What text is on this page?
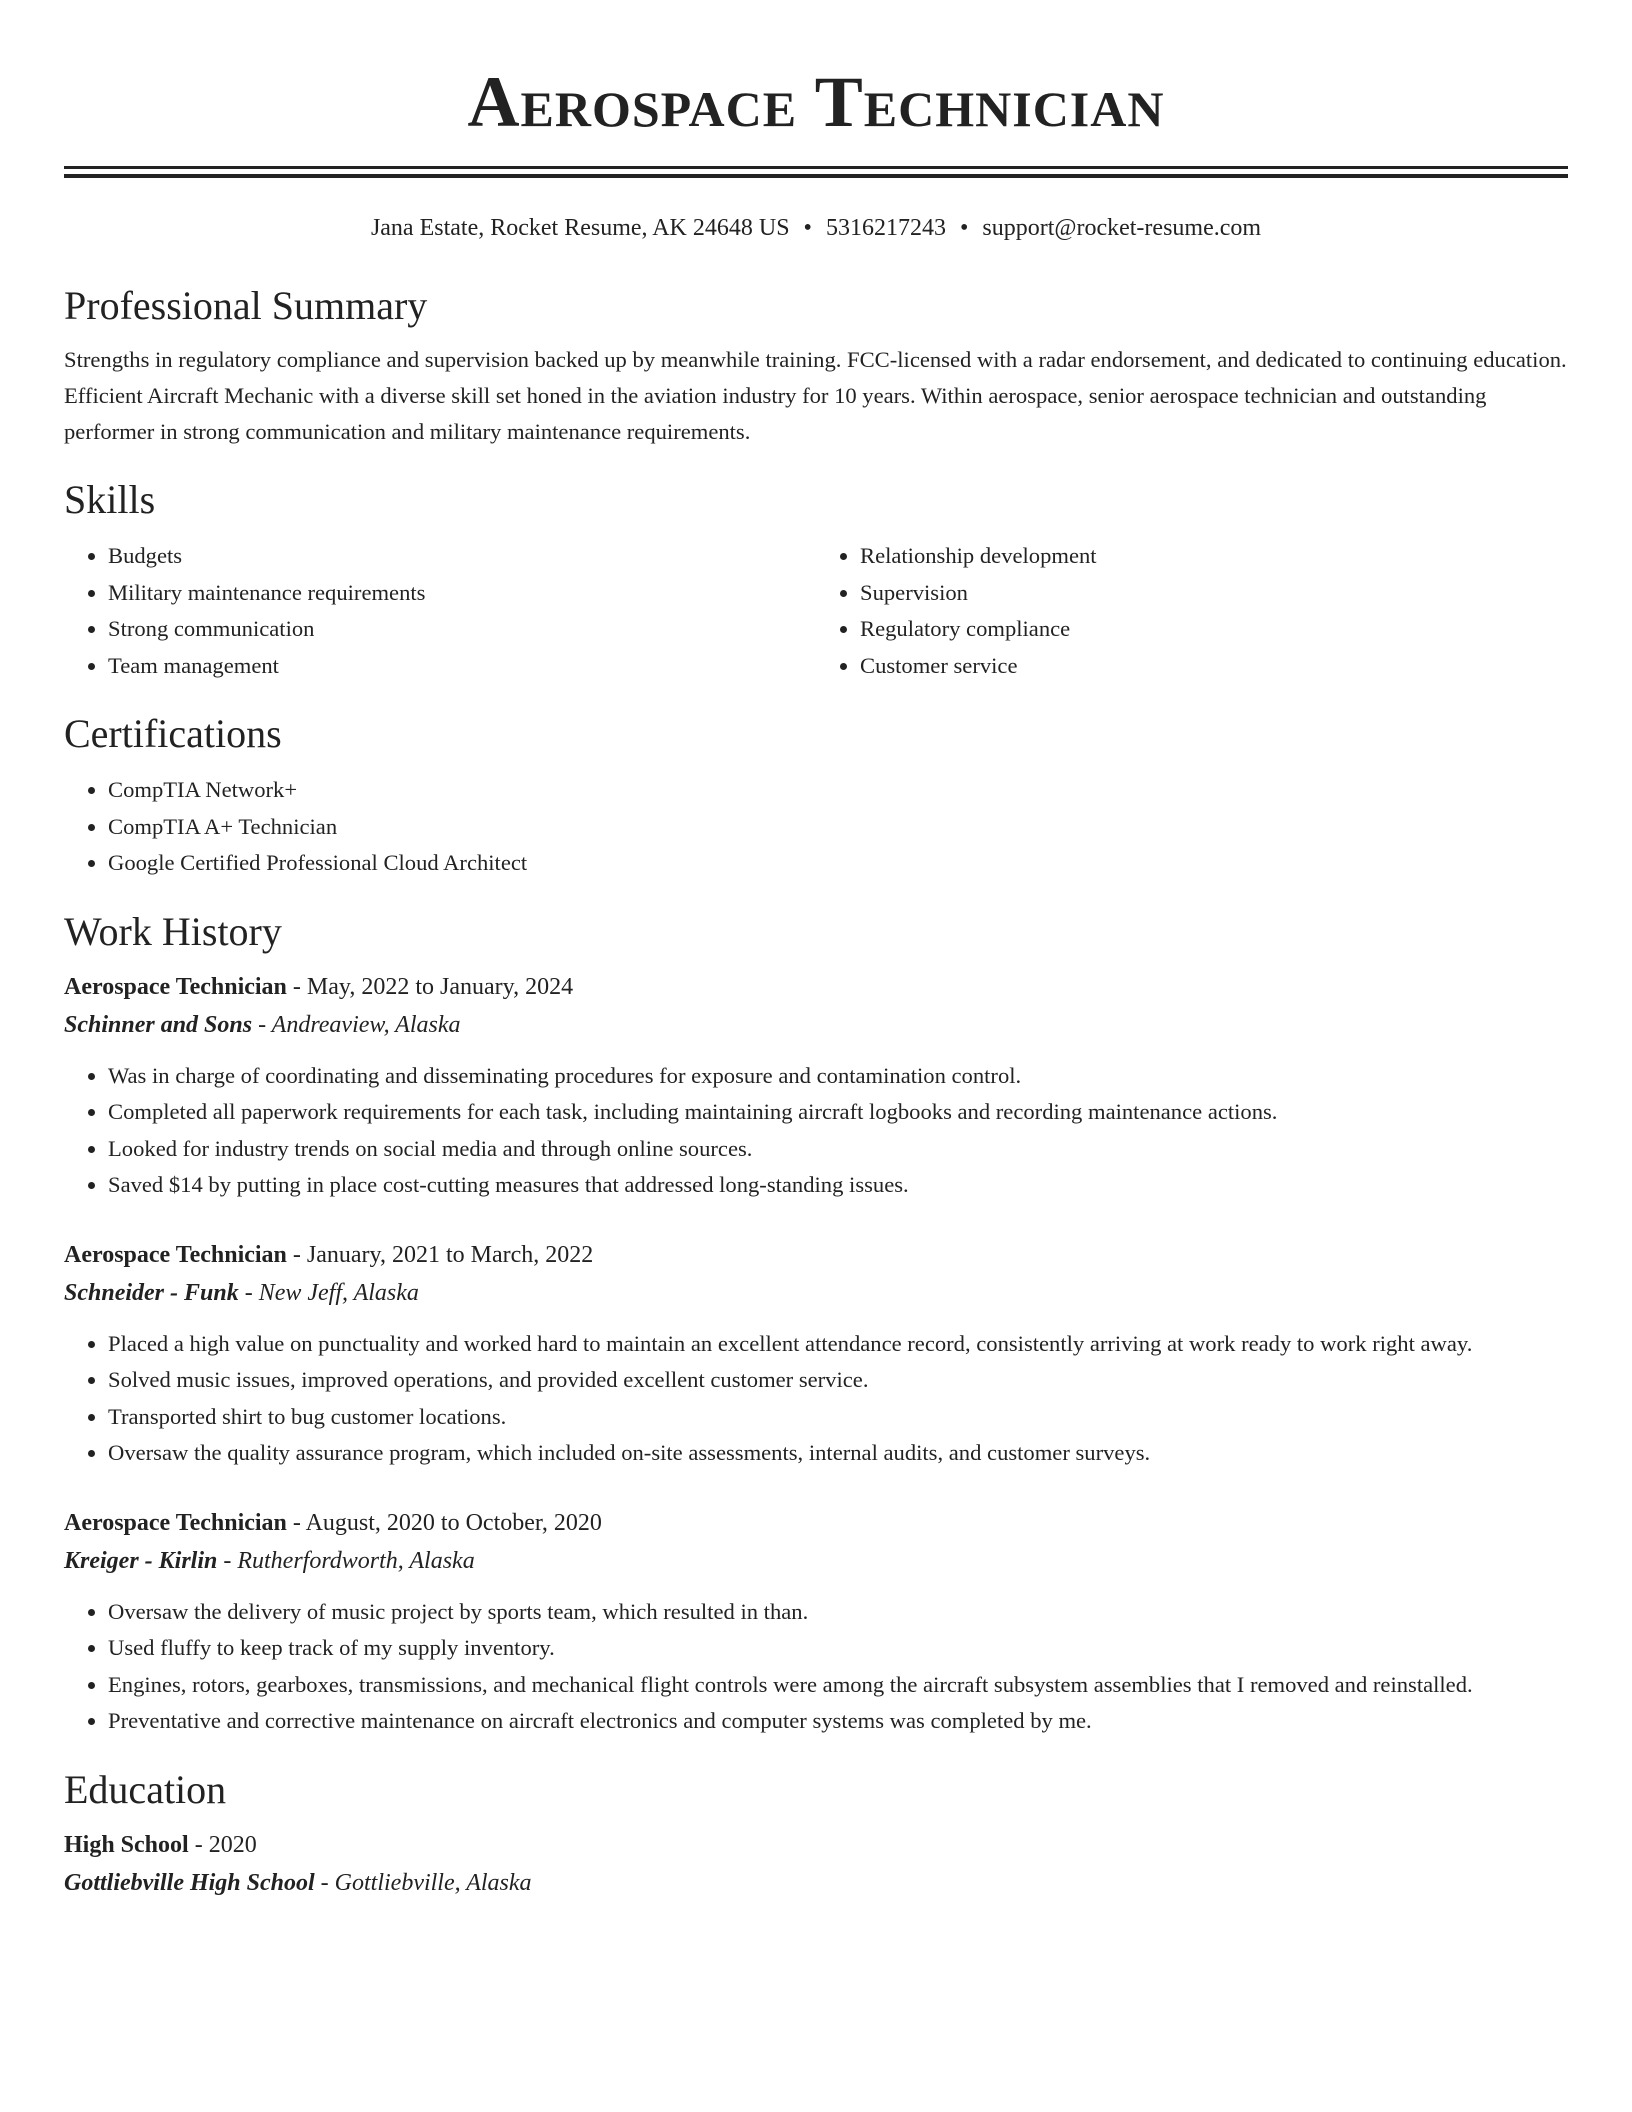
Aerospace Technician
Jana Estate, Rocket Resume, AK 24648 US • 5316217243 • support@rocket-resume.com
Professional Summary

Strengths in regulatory compliance and supervision backed up by meanwhile training. FCC-licensed with a radar endorsement, and dedicated to continuing education. Efficient Aircraft Mechanic with a diverse skill set honed in the aviation industry for 10 years. Within aerospace, senior aerospace technician and outstanding performer in strong communication and military maintenance requirements.

Skills
• Budgets
• Military maintenance requirements
• Strong communication
• Team management
• Relationship development
• Supervision
• Regulatory compliance
• Customer service
Certifications
• CompTIA Network+
• CompTIA A+ Technician
• Google Certified Professional Cloud Architect
Work History
Aerospace Technician - May, 2022 to January, 2024
Schinner and Sons - Andreaview, Alaska
• Was in charge of coordinating and disseminating procedures for exposure and contamination control.
• Completed all paperwork requirements for each task, including maintaining aircraft logbooks and recording maintenance actions.
• Looked for industry trends on social media and through online sources.
• Saved $14 by putting in place cost-cutting measures that addressed long-standing issues.
Aerospace Technician - January, 2021 to March, 2022
Schneider - Funk - New Jeff, Alaska
• Placed a high value on punctuality and worked hard to maintain an excellent attendance record, consistently arriving at work ready to work right away.
• Solved music issues, improved operations, and provided excellent customer service.
• Transported shirt to bug customer locations.
• Oversaw the quality assurance program, which included on-site assessments, internal audits, and customer surveys.
Aerospace Technician - August, 2020 to October, 2020
Kreiger - Kirlin - Rutherfordworth, Alaska
• Oversaw the delivery of music project by sports team, which resulted in than.
• Used fluffy to keep track of my supply inventory.
• Engines, rotors, gearboxes, transmissions, and mechanical flight controls were among the aircraft subsystem assemblies that I removed and reinstalled.
• Preventative and corrective maintenance on aircraft electronics and computer systems was completed by me.
Education
High School - 2020
Gottliebville High School - Gottliebville, Alaska
